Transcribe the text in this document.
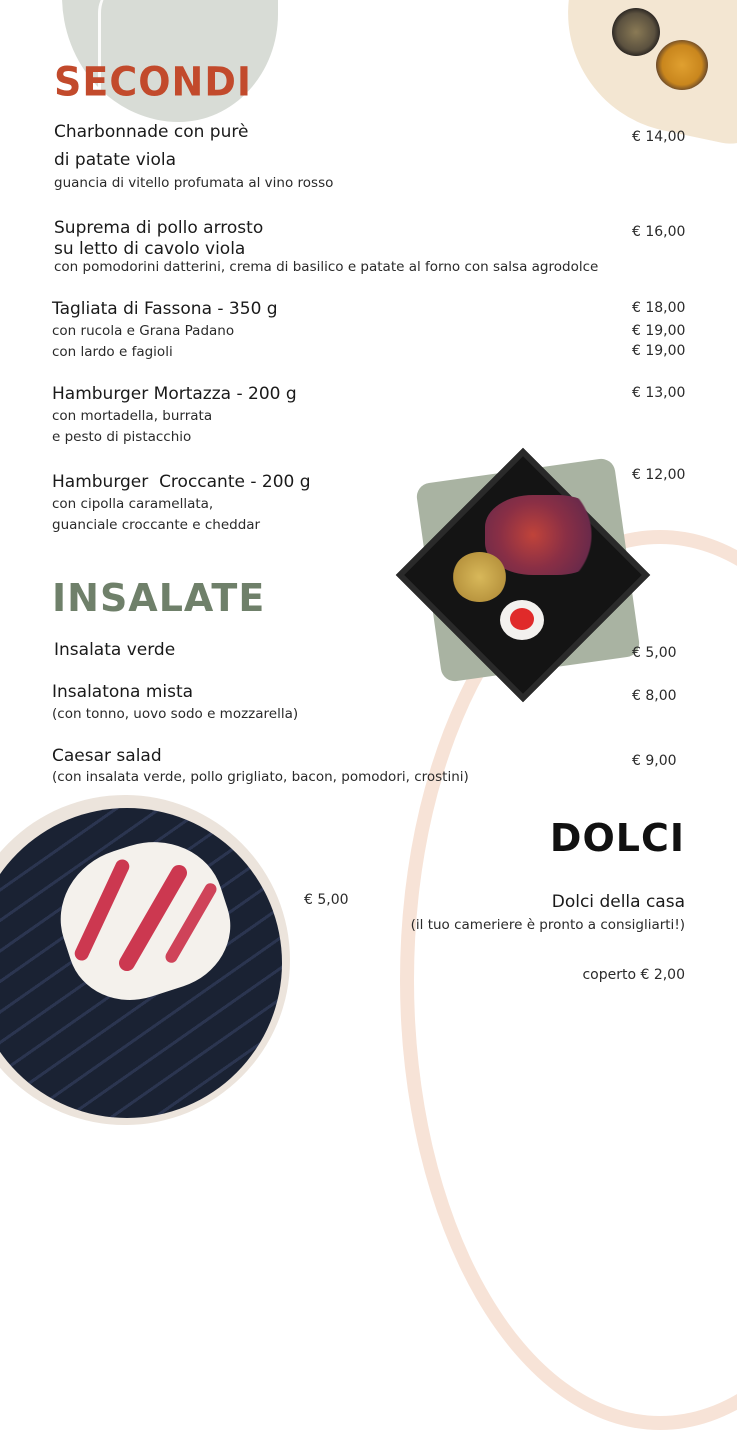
SECONDI
Charbonnade con purè
di patate viola
guancia di vitello profumata al vino rosso
€ 14,00
Suprema di pollo arrosto
su letto di cavolo viola
con pomodorini datterini, crema di basilico e patate al forno con salsa agrodolce
€ 16,00
Tagliata di Fassona - 350 g
con rucola e Grana Padano
con lardo e fagioli
€ 18,00
€ 19,00
€ 19,00
Hamburger Mortazza - 200 g
con mortadella, burrata
e pesto di pistacchio
€ 13,00
Hamburger  Croccante - 200 g
con cipolla caramellata,
guanciale croccante e cheddar
€ 12,00
INSALATE
Insalata verde	€ 5,00
Insalatona mista
(con tonno, uovo sodo e mozzarella)
€ 8,00
Caesar salad
(con insalata verde, pollo grigliato, bacon, pomodori, crostini)
€ 9,00
DOLCI
€ 5,00	Dolci della casa
(il tuo cameriere è pronto a consigliarti!)
coperto € 2,00
